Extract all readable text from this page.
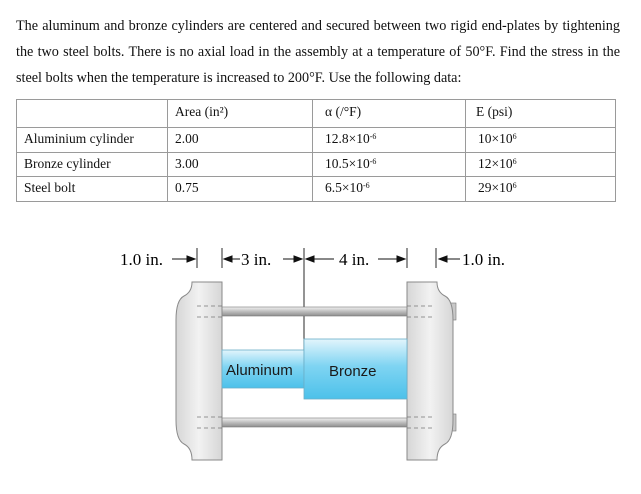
The aluminum and bronze cylinders are centered and secured between two rigid end-plates by tightening the two steel bolts. There is no axial load in the assembly at a temperature of 50°F. Find the stress in the steel bolts when the temperature is increased to 200°F. Use the following data:

	Area (in²)	α (/°F)	E (psi)
Aluminium cylinder	2.00	$12.8\times 10^{-6}$	$10\times 10^6$
Bronze cylinder	3.00	$10.5\times 10^{-6}$	$12\times 10^6$
Steel bolt	0.75	$6.5\times 10^{-6}$	$29\times 10^6$
1.0 in.	3 in.	4 in.	1.0 in.
Aluminum Bronze
